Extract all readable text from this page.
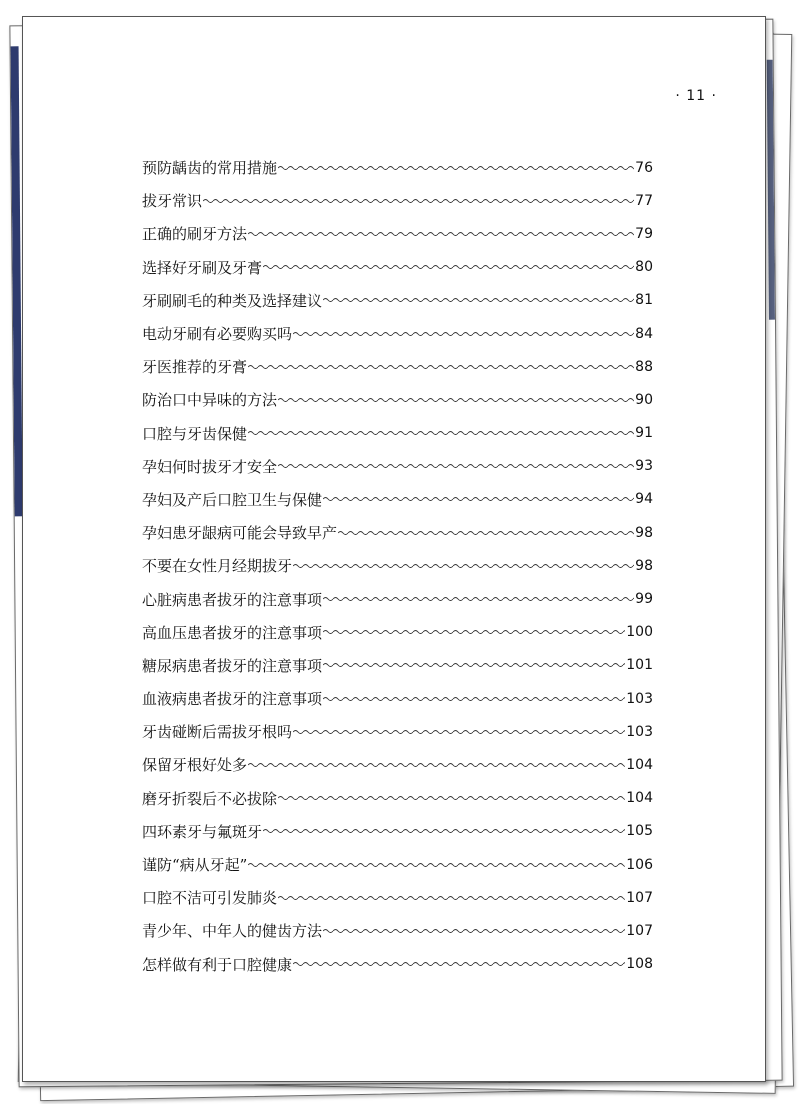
· 11 ·
预防龋齿的常用措施	76
拔牙常识	77
正确的刷牙方法	79
选择好牙刷及牙膏	80
牙刷刷毛的种类及选择建议	81
电动牙刷有必要购买吗	84
牙医推荐的牙膏	88
防治口中异味的方法	90
口腔与牙齿保健	91
孕妇何时拔牙才安全	93
孕妇及产后口腔卫生与保健	94
孕妇患牙龈病可能会导致早产	98
不要在女性月经期拔牙	98
心脏病患者拔牙的注意事项	99
高血压患者拔牙的注意事项	100
糖尿病患者拔牙的注意事项	101
血液病患者拔牙的注意事项	103
牙齿碰断后需拔牙根吗	103
保留牙根好处多	104
磨牙折裂后不必拔除	104
四环素牙与氟斑牙	105
谨防“病从牙起”	106
口腔不洁可引发肺炎	107
青少年、中年人的健齿方法	107
怎样做有利于口腔健康	108
